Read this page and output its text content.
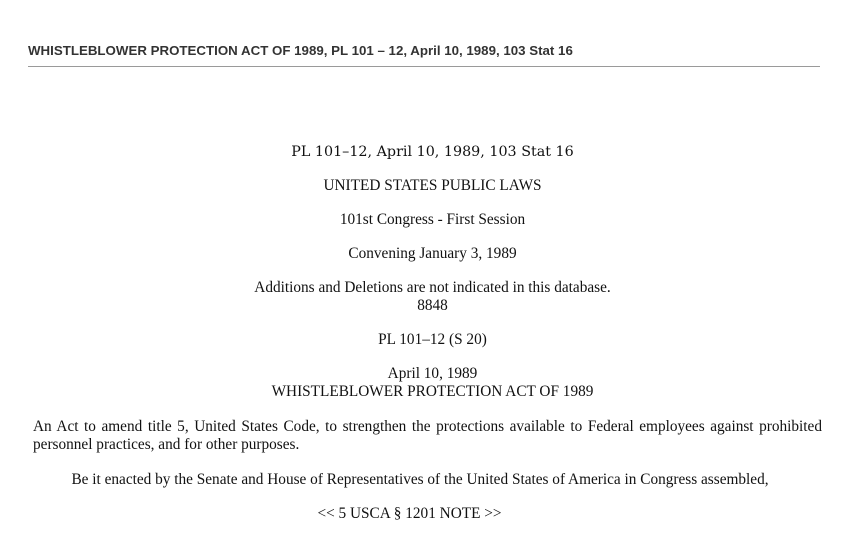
WHISTLEBLOWER PROTECTION ACT OF 1989, PL 101 – 12, April 10, 1989, 103 Stat 16
PL 101–12, April 10, 1989, 103 Stat 16
UNITED STATES PUBLIC LAWS
101st Congress - First Session
Convening January 3, 1989
Additions and Deletions are not indicated in this database.
8848
PL 101–12 (S 20)
April 10, 1989
WHISTLEBLOWER PROTECTION ACT OF 1989
An Act to amend title 5, United States Code, to strengthen the protections available to Federal employees against prohibited personnel practices, and for other purposes.
Be it enacted by the Senate and House of Representatives of the United States of America in Congress assembled,
<< 5 USCA § 1201 NOTE >>
